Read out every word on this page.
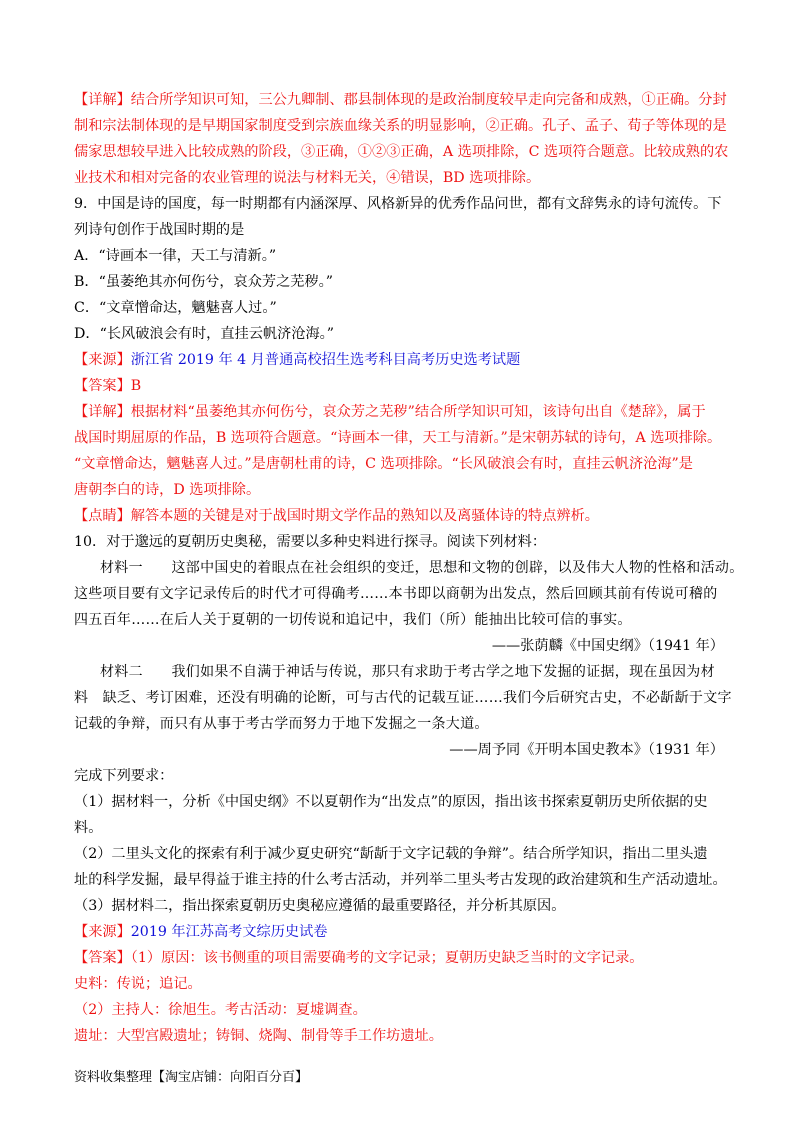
【详解】结合所学知识可知，三公九卿制、郡县制体现的是政治制度较早走向完备和成熟，①正确。分封
制和宗法制体现的是早期国家制度受到宗族血缘关系的明显影响，②正确。孔子、孟子、荀子等体现的是
儒家思想较早进入比较成熟的阶段，③正确，①②③正确，A 选项排除，C 选项符合题意。比较成熟的农
业技术和相对完备的农业管理的说法与材料无关，④错误，BD 选项排除。
9．中国是诗的国度，每一时期都有内涵深厚、风格新异的优秀作品问世，都有文辞隽永的诗句流传。下
列诗句创作于战国时期的是
A．“诗画本一律，天工与清新。”
B．“虽萎绝其亦何伤兮，哀众芳之芜秽。”
C．“文章憎命达，魑魅喜人过。”
D．“长风破浪会有时，直挂云帆济沧海。”
【来源】浙江省 2019 年 4 月普通高校招生选考科目高考历史选考试题
【答案】B
【详解】根据材料“虽萎绝其亦何伤兮，哀众芳之芜秽”结合所学知识可知，该诗句出自《楚辞》，属于
战国时期屈原的作品，B 选项符合题意。“诗画本一律，天工与清新。”是宋朝苏轼的诗句，A 选项排除。
“文章憎命达，魑魅喜人过。”是唐朝杜甫的诗，C 选项排除。“长风破浪会有时，直挂云帆济沧海”是
唐朝李白的诗，D 选项排除。
【点睛】解答本题的关键是对于战国时期文学作品的熟知以及离骚体诗的特点辨析。
10．对于邈远的夏朝历史奥秘，需要以多种史料进行探寻。阅读下列材料：
材料一　　这部中国史的着眼点在社会组织的变迁，思想和文物的创辟，以及伟大人物的性格和活动。
这些项目要有文字记录传后的时代才可得确考……本书即以商朝为出发点，然后回顾其前有传说可稽的
四五百年……在后人关于夏朝的一切传说和追记中，我们（所）能抽出比较可信的事实。
——张荫麟《中国史纲》（1941 年）
材料二　　我们如果不自满于神话与传说，那只有求助于考古学之地下发掘的证据，现在虽因为材
料　缺乏、考订困难，还没有明确的论断，可与古代的记载互证……我们今后研究古史，不必龂龂于文字
记载的争辩，而只有从事于考古学而努力于地下发掘之一条大道。
——周予同《开明本国史教本》（1931 年）
完成下列要求：
（1）据材料一，分析《中国史纲》不以夏朝作为“出发点”的原因，指出该书探索夏朝历史所依据的史
料。
（2）二里头文化的探索有利于减少夏史研究“龂龂于文字记载的争辩”。结合所学知识，指出二里头遗
址的科学发掘，最早得益于谁主持的什么考古活动，并列举二里头考古发现的政治建筑和生产活动遗址。
（3）据材料二，指出探索夏朝历史奥秘应遵循的最重要路径，并分析其原因。
【来源】2019 年江苏高考文综历史试卷
【答案】（1）原因：该书侧重的项目需要确考的文字记录；夏朝历史缺乏当时的文字记录。
史料：传说；追记。
（2）主持人：徐旭生。考古活动：夏墟调查。
遗址：大型宫殿遗址；铸铜、烧陶、制骨等手工作坊遗址。
资料收集整理【淘宝店铺：向阳百分百】
